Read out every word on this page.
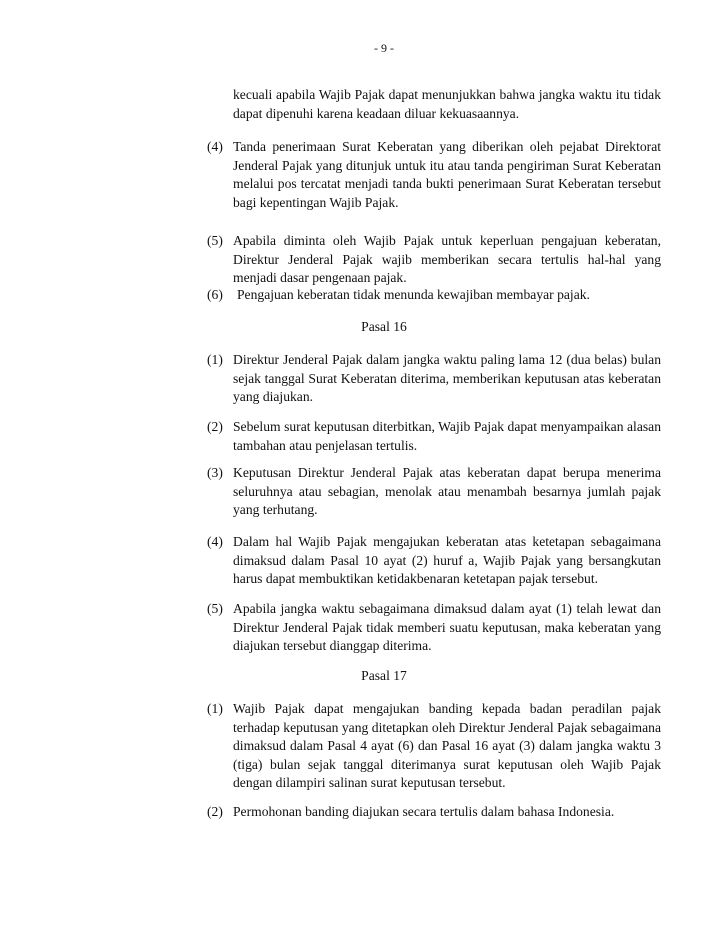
- 9 -
kecuali apabila Wajib Pajak dapat menunjukkan bahwa jangka waktu itu tidak dapat dipenuhi karena keadaan diluar kekuasaannya.
(4) Tanda penerimaan Surat Keberatan yang diberikan oleh pejabat Direktorat Jenderal Pajak yang ditunjuk untuk itu atau tanda pengiriman Surat Keberatan melalui pos tercatat menjadi tanda bukti penerimaan Surat Keberatan tersebut bagi kepentingan Wajib Pajak.
(5) Apabila diminta oleh Wajib Pajak untuk keperluan pengajuan keberatan, Direktur Jenderal Pajak wajib memberikan secara tertulis hal-hal yang menjadi dasar pengenaan pajak.
(6)	Pengajuan keberatan tidak menunda kewajiban membayar pajak.
Pasal 16
(1) Direktur Jenderal Pajak dalam jangka waktu paling lama 12 (dua belas) bulan sejak tanggal Surat Keberatan diterima, memberikan keputusan atas keberatan yang diajukan.
(2) Sebelum surat keputusan diterbitkan, Wajib Pajak dapat menyampaikan alasan tambahan atau penjelasan tertulis.
(3) Keputusan Direktur Jenderal Pajak atas keberatan dapat berupa menerima seluruhnya atau sebagian, menolak atau menambah besarnya jumlah pajak yang terhutang.
(4) Dalam hal Wajib Pajak mengajukan keberatan atas ketetapan sebagaimana dimaksud dalam Pasal 10 ayat (2) huruf a, Wajib Pajak yang bersangkutan harus dapat membuktikan ketidakbenaran ketetapan pajak tersebut.
(5) Apabila jangka waktu sebagaimana dimaksud dalam ayat (1) telah lewat dan Direktur Jenderal Pajak tidak memberi suatu keputusan, maka keberatan yang diajukan tersebut dianggap diterima.
Pasal 17
(1) Wajib Pajak dapat mengajukan banding kepada badan peradilan pajak terhadap keputusan yang ditetapkan oleh Direktur Jenderal Pajak sebagaimana dimaksud dalam Pasal 4 ayat (6) dan Pasal 16 ayat (3) dalam jangka waktu 3 (tiga) bulan sejak tanggal diterimanya surat keputusan oleh Wajib Pajak dengan dilampiri salinan surat keputusan tersebut.
(2) Permohonan banding diajukan secara tertulis dalam bahasa Indonesia.
